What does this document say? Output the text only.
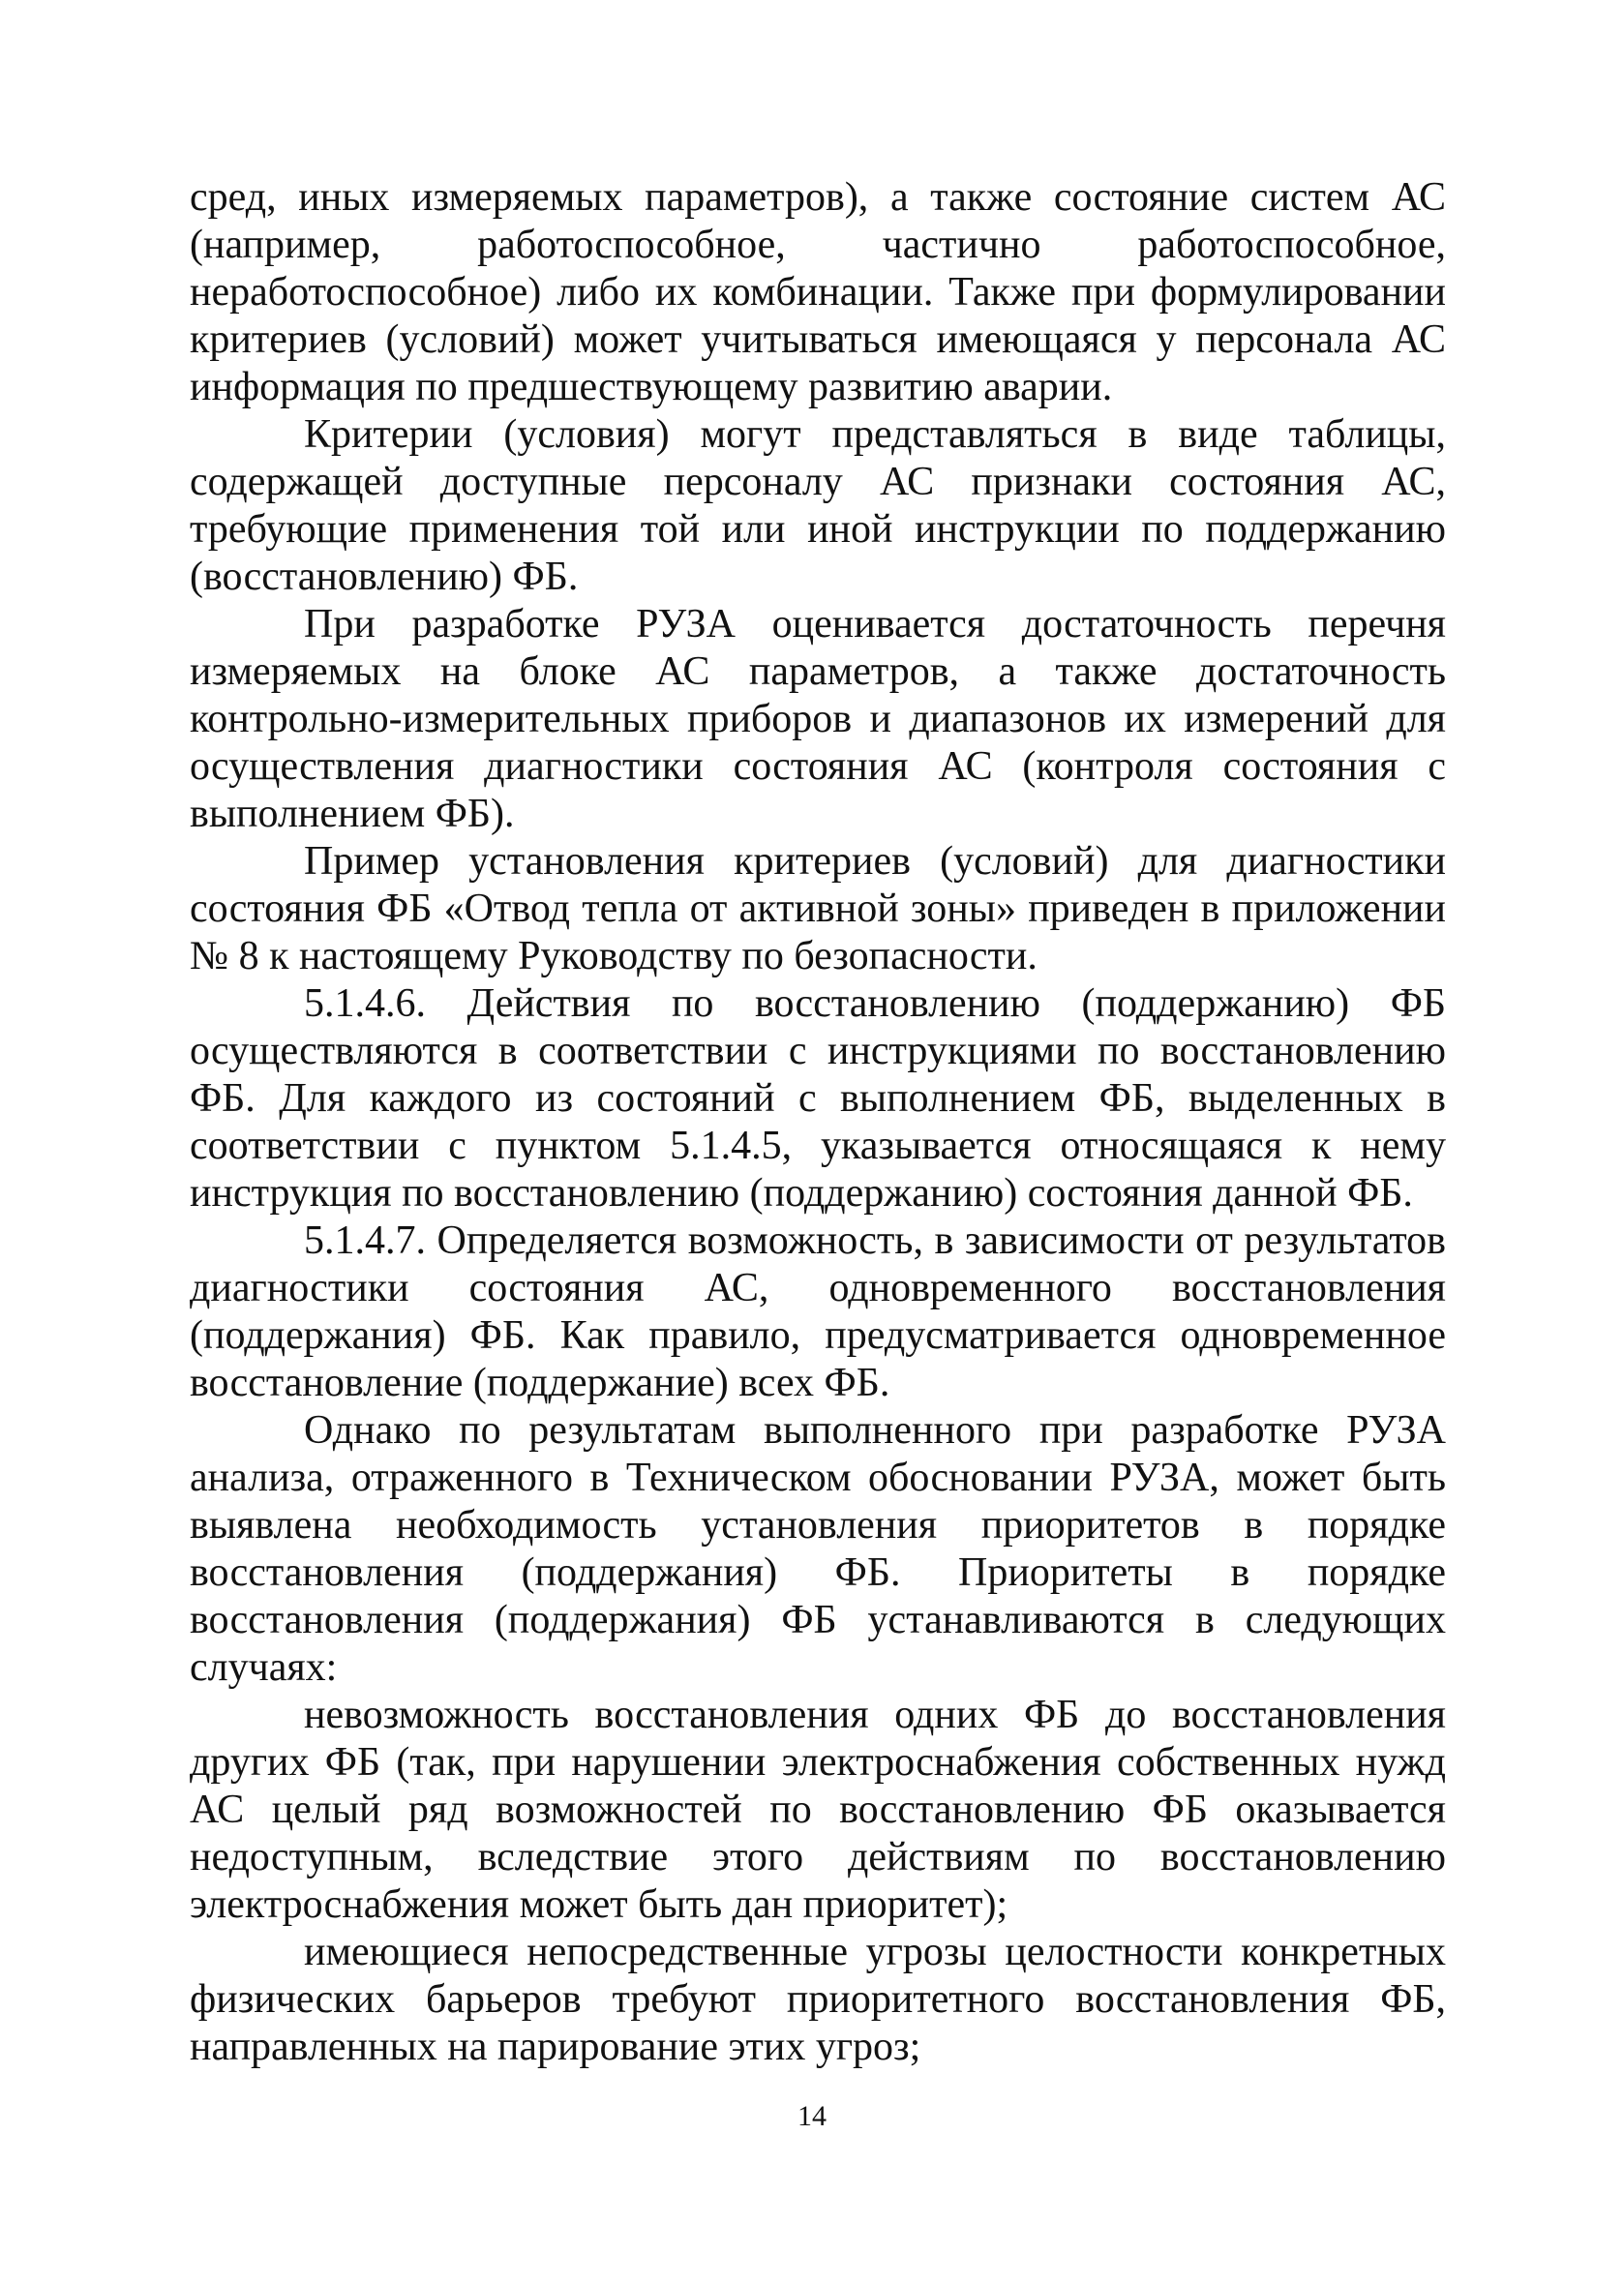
сред, иных измеряемых параметров), а также состояние систем АС (например, работоспособное, частично работоспособное, неработоспособное) либо их комбинации. Также при формулировании критериев (условий) может учитываться имеющаяся у персонала АС информация по предшествующему развитию аварии.

Критерии (условия) могут представляться в виде таблицы, содержащей доступные персоналу АС признаки состояния АС, требующие применения той или иной инструкции по поддержанию (восстановлению) ФБ.

При разработке РУЗА оценивается достаточность перечня измеряемых на блоке АС параметров, а также достаточность контрольно-измерительных приборов и диапазонов их измерений для осуществления диагностики состояния АС (контроля состояния с выполнением ФБ).

Пример установления критериев (условий) для диагностики состояния ФБ «Отвод тепла от активной зоны» приведен в приложении № 8 к настоящему Руководству по безопасности.

5.1.4.6. Действия по восстановлению (поддержанию) ФБ осуществляются в соответствии с инструкциями по восстановлению ФБ. Для каждого из состояний с выполнением ФБ, выделенных в соответствии с пунктом 5.1.4.5, указывается относящаяся к нему инструкция по восстановлению (поддержанию) состояния данной ФБ.

5.1.4.7. Определяется возможность, в зависимости от результатов диагностики состояния АС, одновременного восстановления (поддержания) ФБ. Как правило, предусматривается одновременное восстановление (поддержание) всех ФБ.

Однако по результатам выполненного при разработке РУЗА анализа, отраженного в Техническом обосновании РУЗА, может быть выявлена необходимость установления приоритетов в порядке восстановления (поддержания) ФБ. Приоритеты в порядке восстановления (поддержания) ФБ устанавливаются в следующих случаях:

невозможность восстановления одних ФБ до восстановления других ФБ (так, при нарушении электроснабжения собственных нужд АС целый ряд возможностей по восстановлению ФБ оказывается недоступным, вследствие этого действиям по восстановлению электроснабжения может быть дан приоритет);

имеющиеся непосредственные угрозы целостности конкретных физических барьеров требуют приоритетного восстановления ФБ, направленных на парирование этих угроз;

14
